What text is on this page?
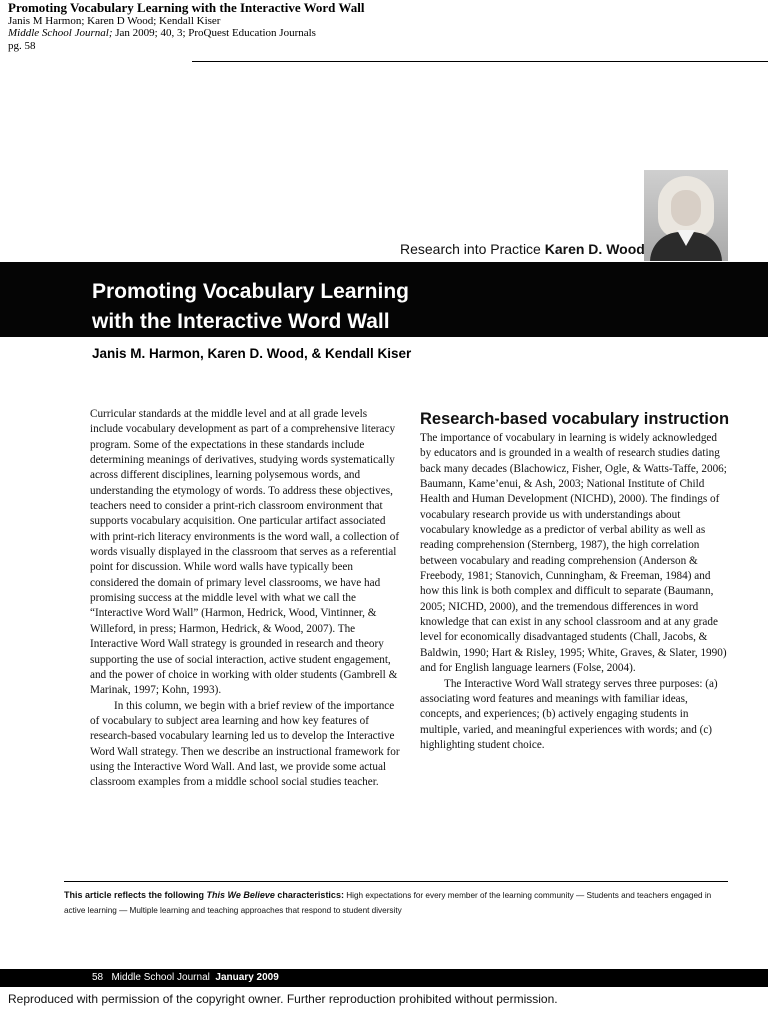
Promoting Vocabulary Learning with the Interactive Word Wall
Janis M Harmon; Karen D Wood; Kendall Kiser
Middle School Journal; Jan 2009; 40, 3; ProQuest Education Journals
pg. 58
Research into Practice Karen D. Wood
Promoting Vocabulary Learning
with the Interactive Word Wall
Janis M. Harmon, Karen D. Wood, & Kendall Kiser

Curricular standards at the middle level and at all grade levels include vocabulary development as part of a comprehensive literacy program. Some of the expectations in these standards include determining meanings of derivatives, studying words systematically across different disciplines, learning polysemous words, and understanding the etymology of words. To address these objectives, teachers need to consider a print-rich classroom environment that supports vocabulary acquisition. One particular artifact associated with print-rich literacy environments is the word wall, a collection of words visually displayed in the classroom that serves as a referential point for discussion. While word walls have typically been considered the domain of primary level classrooms, we have had promising success at the middle level with what we call the “Interactive Word Wall” (Harmon, Hedrick, Wood, Vintinner, & Willeford, in press; Harmon, Hedrick, & Wood, 2007). The Interactive Word Wall strategy is grounded in research and theory supporting the use of social interaction, active student engagement, and the power of choice in working with older students (Gambrell & Marinak, 1997; Kohn, 1993).

In this column, we begin with a brief review of the importance of vocabulary to subject area learning and how key features of research-based vocabulary learning led us to develop the Interactive Word Wall strategy. Then we describe an instructional framework for using the Interactive Word Wall. And last, we provide some actual classroom examples from a middle school social studies teacher.

Research-based vocabulary instruction

The importance of vocabulary in learning is widely acknowledged by educators and is grounded in a wealth of research studies dating back many decades (Blachowicz, Fisher, Ogle, & Watts-Taffe, 2006; Baumann, Kame’enui, & Ash, 2003; National Institute of Child Health and Human Development (NICHD), 2000). The findings of vocabulary research provide us with understandings about vocabulary knowledge as a predictor of verbal ability as well as reading comprehension (Sternberg, 1987), the high correlation between vocabulary and reading comprehension (Anderson & Freebody, 1981; Stanovich, Cunningham, & Freeman, 1984) and how this link is both complex and difficult to separate (Baumann, 2005; NICHD, 2000), and the tremendous differences in word knowledge that can exist in any school classroom and at any grade level for economically disadvantaged students (Chall, Jacobs, & Baldwin, 1990; Hart & Risley, 1995; White, Graves, & Slater, 1990) and for English language learners (Folse, 2004).

The Interactive Word Wall strategy serves three purposes: (a) associating word features and meanings with familiar ideas, concepts, and experiences; (b) actively engaging students in multiple, varied, and meaningful experiences with words; and (c) highlighting student choice.

This article reflects the following This We Believe characteristics: High expectations for every member of the learning community — Students and teachers engaged in active learning — Multiple learning and teaching approaches that respond to student diversity
58 Middle School Journal January 2009
Reproduced with permission of the copyright owner. Further reproduction prohibited without permission.
